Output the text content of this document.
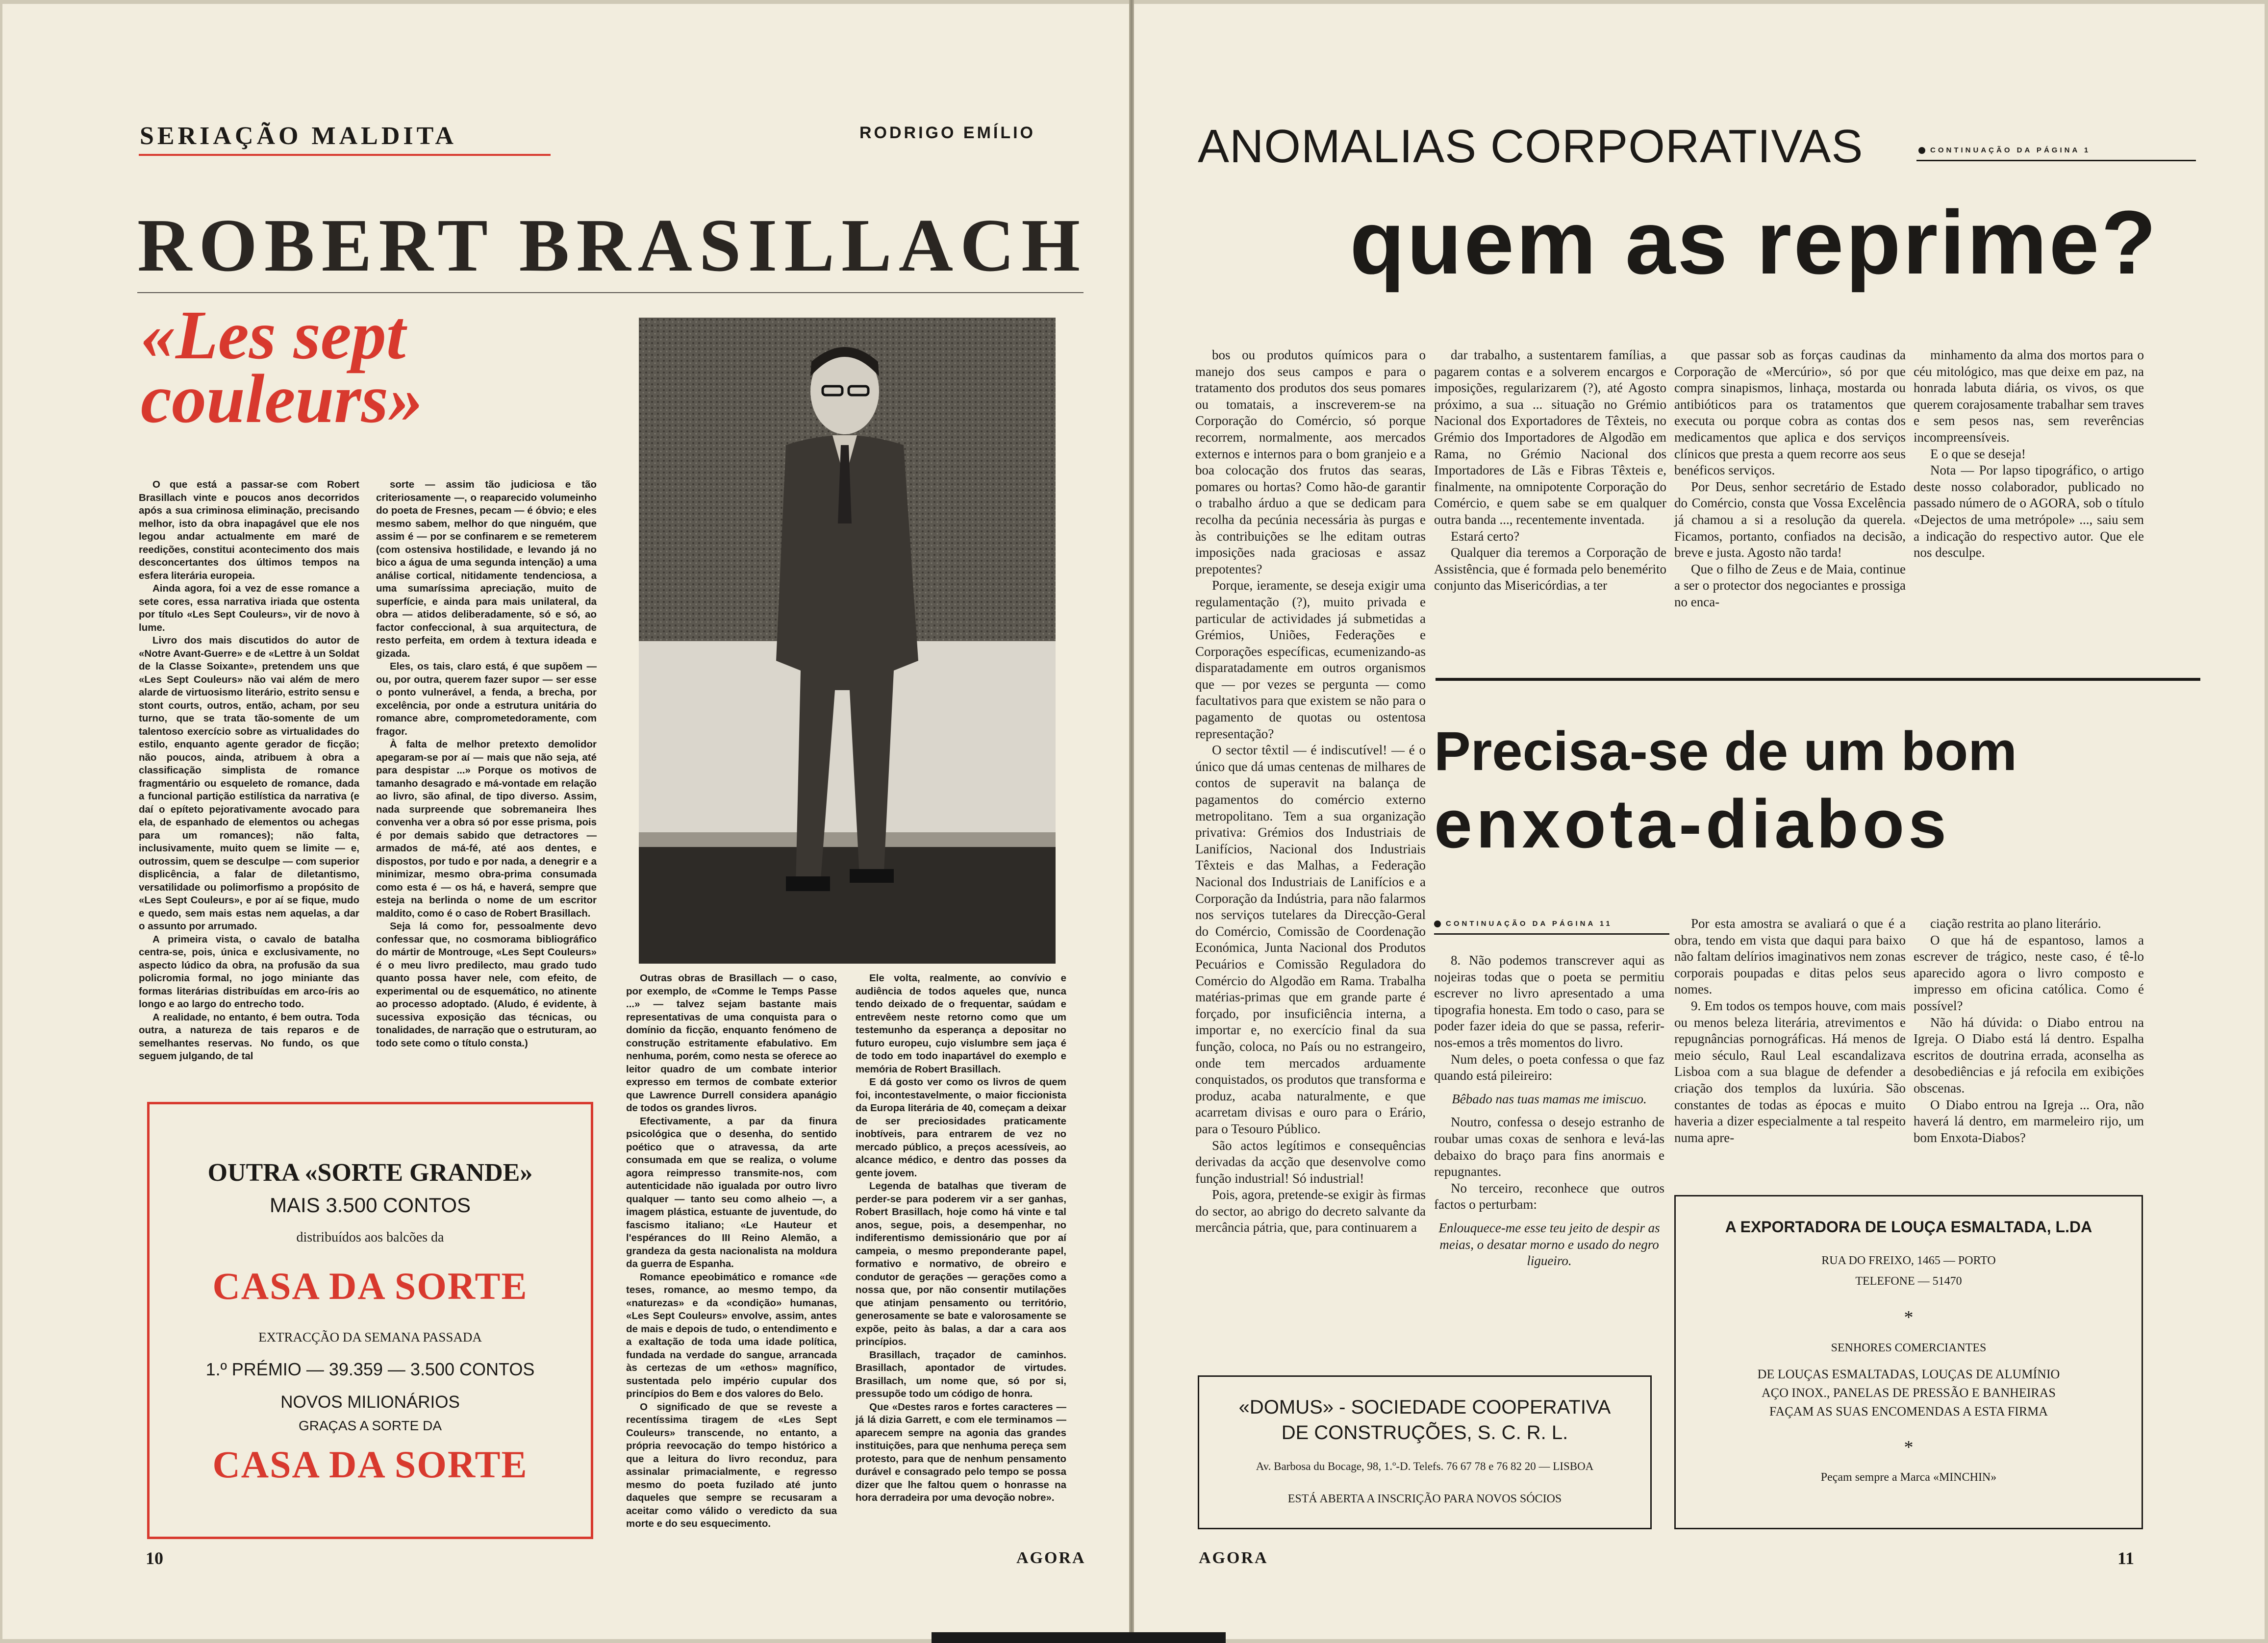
SERIAÇÃO MALDITA	RODRIGO EMÍLIO
ROBERT BRASILLACH
«Les sept couleurs»

O que está a passar-se com Robert Brasillach vinte e poucos anos decorridos após a sua criminosa eliminação, precisando melhor, isto da obra inapagável que ele nos legou andar actualmente em maré de reedições, constitui acontecimento dos mais desconcertantes dos últimos tempos na esfera literária europeia.

Ainda agora, foi a vez de esse romance a sete cores, essa narrativa iriada que ostenta por título «Les Sept Couleurs», vir de novo à lume.

Livro dos mais discutidos do autor de «Notre Avant-Guerre» e de «Lettre à un Soldat de la Classe Soixante», pretendem uns que «Les Sept Couleurs» não vai além de mero alarde de virtuosismo literário, estrito sensu e stont courts, outros, então, acham, por seu turno, que se trata tão-somente de um talentoso exercício sobre as virtualidades do estilo, enquanto agente gerador de ficção; não poucos, ainda, atribuem à obra a classificação simplista de romance fragmentário ou esqueleto de romance, dada a funcional partição estilística da narrativa (e daí o epíteto pejorativamente avocado para ela, de espanhado de elementos ou achegas para um romances); não falta, inclusivamente, muito quem se limite — e, outrossim, quem se desculpe — com superior displicência, a falar de diletantismo, versatilidade ou polimorfismo a propósito de «Les Sept Couleurs», e por aí se fique, mudo e quedo, sem mais estas nem aquelas, a dar o assunto por arrumado.

A primeira vista, o cavalo de batalha centra-se, pois, única e exclusivamente, no aspecto lúdico da obra, na profusão da sua policromia formal, no jogo miniante das formas literárias distribuídas em arco-íris ao longo e ao largo do entrecho todo.

A realidade, no entanto, é bem outra. Toda outra, a natureza de tais reparos e de semelhantes reservas. No fundo, os que seguem julgando, de tal

sorte — assim tão judiciosa e tão criteriosamente —, o reaparecido volumeinho do poeta de Fresnes, pecam — é óbvio; e eles mesmo sabem, melhor do que ninguém, que assim é — por se confinarem e se remeterem (com ostensiva hostilidade, e levando já no bico a água de uma segunda intenção) a uma análise cortical, nitidamente tendenciosa, a uma sumaríssima apreciação, muito de superfície, e ainda para mais unilateral, da obra — atidos deliberadamente, só e só, ao factor confeccional, à sua arquitectura, de resto perfeita, em ordem à textura ideada e gizada.

Eles, os tais, claro está, é que supõem — ou, por outra, querem fazer supor — ser esse o ponto vulnerável, a fenda, a brecha, por excelência, por onde a estrutura unitária do romance abre, comprometedoramente, com fragor.

À falta de melhor pretexto demolidor apegaram-se por aí — mais que não seja, até para despistar ...» Porque os motivos de tamanho desagrado e má-vontade em relação ao livro, são afinal, de tipo diverso. Assim, nada surpreende que sobremaneira lhes convenha ver a obra só por esse prisma, pois é por demais sabido que detractores — armados de má-fé, até aos dentes, e dispostos, por tudo e por nada, a denegrir e a minimizar, mesmo obra-prima consumada como esta é — os há, e haverá, sempre que esteja na berlinda o nome de um escritor maldito, como é o caso de Robert Brasillach.

Seja lá como for, pessoalmente devo confessar que, no cosmorama bibliográfico do mártir de Montrouge, «Les Sept Couleurs» é o meu livro predilecto, mau grado tudo quanto possa haver nele, com efeito, de experimental ou de esquemático, no atinente ao processo adoptado. (Aludo, é evidente, à sucessiva exposição das técnicas, ou tonalidades, de narração que o estruturam, ao todo sete como o título consta.)

Outras obras de Brasillach — o caso, por exemplo, de «Comme le Temps Passe ...» — talvez sejam bastante mais representativas de uma conquista para o domínio da ficção, enquanto fenómeno de construção estritamente efabulativo. Em nenhuma, porém, como nesta se oferece ao leitor quadro de um combate interior expresso em termos de combate exterior que Lawrence Durrell considera apanágio de todos os grandes livros.

Efectivamente, a par da finura psicológica que o desenha, do sentido poético que o atravessa, da arte consumada em que se realiza, o volume agora reimpresso transmite-nos, com autenticidade não igualada por outro livro qualquer — tanto seu como alheio —, a imagem plástica, estuante de juventude, do fascismo italiano; «Le Hauteur et l'espérances do III Reino Alemão, a grandeza da gesta nacionalista na moldura da guerra de Espanha.

Romance epeobimático e romance «de teses, romance, ao mesmo tempo, da «naturezas» e da «condição» humanas, «Les Sept Couleurs» envolve, assim, antes de mais e depois de tudo, o entendimento e a exaltação de toda uma idade política, fundada na verdade do sangue, arrancada às certezas de um «ethos» magnífico, sustentada pelo império cupular dos princípios do Bem e dos valores do Belo.

O significado de que se reveste a recentíssima tiragem de «Les Sept Couleurs» transcende, no entanto, a própria reevocação do tempo histórico a que a leitura do livro reconduz, para assinalar primacialmente, e regresso mesmo do poeta fuzilado até junto daqueles que sempre se recusaram a aceitar como válido o veredicto da sua morte e do seu esquecimento.

Ele volta, realmente, ao convívio e audiência de todos aqueles que, nunca tendo deixado de o frequentar, saúdam e entrevêem neste retorno como que um testemunho da esperança a depositar no futuro europeu, cujo vislumbre sem jaça é de todo em todo inapartável do exemplo e memória de Robert Brasillach.

E dá gosto ver como os livros de quem foi, incontestavelmente, o maior ficcionista da Europa literária de 40, começam a deixar de ser preciosidades praticamente inobtíveis, para entrarem de vez no mercado público, a preços acessíveis, ao alcance médico, e dentro das posses da gente jovem.

Legenda de batalhas que tiveram de perder-se para poderem vir a ser ganhas, Robert Brasillach, hoje como há vinte e tal anos, segue, pois, a desempenhar, no indiferentismo demissionário que por aí campeia, o mesmo preponderante papel, formativo e normativo, de obreiro e condutor de gerações — gerações como a nossa que, por não consentir mutilações que atinjam pensamento ou território, generosamente se bate e valorosamente se expõe, peito às balas, a dar a cara aos princípios.

Brasillach, traçador de caminhos. Brasillach, apontador de virtudes. Brasillach, um nome que, só por si, pressupõe todo um código de honra.

Que «Destes raros e fortes caracteres — já lá dizia Garrett, e com ele terminamos — aparecem sempre na agonia das grandes instituições, para que nenhuma pereça sem protesto, para que de nenhum pensamento durável e consagrado pelo tempo se possa dizer que lhe faltou quem o honrasse na hora derradeira por uma devoção nobre».

OUTRA «SORTE GRANDE»
MAIS 3.500 CONTOS
distribuídos aos balcões da
CASA DA SORTE
EXTRACÇÃO DA SEMANA PASSADA
1.º PRÉMIO — 39.359 — 3.500 CONTOS
NOVOS MILIONÁRIOS
GRAÇAS A SORTE DA
CASA DA SORTE
10	AGORA
ANOMALIAS CORPORATIVAS	CONTINUAÇÃO DA PÁGINA 1
quem as reprime?

bos ou produtos químicos para o manejo dos seus campos e para o tratamento dos produtos dos seus pomares ou tomatais, a inscreverem-se na Corporação do Comércio, só porque recorrem, normalmente, aos mercados externos e internos para o bom granjeio e a boa colocação dos frutos das searas, pomares ou hortas? Como hão-de garantir o trabalho árduo a que se dedicam para recolha da pecúnia necessária às purgas e às contribuições se lhe editam outras imposições nada graciosas e assaz prepotentes?

Porque, ieramente, se deseja exigir uma regulamentação (?), muito privada e particular de actividades já submetidas a Grémios, Uniões, Federações e Corporações específicas, ecumenizando-as disparatadamente em outros organismos que — por vezes se pergunta — como facultativos para que existem se não para o pagamento de quotas ou ostentosa representação?

O sector têxtil — é indiscutível! — é o único que dá umas centenas de milhares de contos de superavit na balança de pagamentos do comércio externo metropolitano. Tem a sua organização privativa: Grémios dos Industriais de Lanifícios, Nacional dos Industriais Têxteis e das Malhas, a Federação Nacional dos Industriais de Lanifícios e a Corporação da Indústria, para não falarmos nos serviços tutelares da Direcção-Geral do Comércio, Comissão de Coordenação Económica, Junta Nacional dos Produtos Pecuários e Comissão Reguladora do Comércio do Algodão em Rama. Trabalha matérias-primas que em grande parte é forçado, por insuficiência interna, a importar e, no exercício final da sua função, coloca, no País ou no estrangeiro, onde tem mercados arduamente conquistados, os produtos que transforma e produz, acaba naturalmente, e que acarretam divisas e ouro para o Erário, para o Tesouro Público.

São actos legítimos e consequências derivadas da acção que desenvolve como função industrial! Só industrial!

Pois, agora, pretende-se exigir às firmas do sector, ao abrigo do decreto salvante da mercância pátria, que, para continuarem a

dar trabalho, a sustentarem famílias, a pagarem contas e a solverem encargos e imposições, regularizarem (?), até Agosto próximo, a sua ... situação no Grémio Nacional dos Exportadores de Têxteis, no Grémio dos Importadores de Algodão em Rama, no Grémio Nacional dos Importadores de Lãs e Fibras Têxteis e, finalmente, na omnipotente Corporação do Comércio, e quem sabe se em qualquer outra banda ..., recentemente inventada.

Estará certo?

Qualquer dia teremos a Corporação de Assistência, que é formada pelo benemérito conjunto das Misericórdias, a ter

que passar sob as forças caudinas da Corporação de «Mercúrio», só por que compra sinapismos, linhaça, mostarda ou antibióticos para os tratamentos que executa ou porque cobra as contas dos medicamentos que aplica e dos serviços clínicos que presta a quem recorre aos seus benéficos serviços.

Por Deus, senhor secretário de Estado do Comércio, consta que Vossa Excelência já chamou a si a resolução da querela. Ficamos, portanto, confiados na decisão, breve e justa. Agosto não tarda!

Que o filho de Zeus e de Maia, continue a ser o protector dos negociantes e prossiga no enca-

minhamento da alma dos mortos para o céu mitológico, mas que deixe em paz, na honrada labuta diária, os vivos, os que querem corajosamente trabalhar sem traves e sem pesos nas, sem reverências incompreensíveis.

E o que se deseja!

Nota — Por lapso tipográfico, o artigo deste nosso colaborador, publicado no passado número de o AGORA, sob o título «Dejectos de uma metrópole» ..., saiu sem a indicação do respectivo autor. Que ele nos desculpe.

Precisa-se de um bom
enxota-diabos
CONTINUAÇÃO DA PÁGINA 11

8. Não podemos transcrever aqui as nojeiras todas que o poeta se permitiu escrever no livro apresentado a uma tipografia honesta. Em todo o caso, para se poder fazer ideia do que se passa, referir-nos-emos a três momentos do livro.

Num deles, o poeta confessa o que faz quando está pileireiro:

Bêbado nas tuas mamas me imiscuo.

Noutro, confessa o desejo estranho de roubar umas coxas de senhora e levá-las debaixo do braço para fins anormais e repugnantes.

No terceiro, reconhece que outros factos o perturbam:

Enlouquece-me esse teu jeito de despir as meias, o desatar morno e usado do negro ligueiro.

Por esta amostra se avaliará o que é a obra, tendo em vista que daqui para baixo não faltam delírios imaginativos nem zonas corporais poupadas e ditas pelos seus nomes.

9. Em todos os tempos houve, com mais ou menos beleza literária, atrevimentos e repugnâncias pornográficas. Há menos de meio século, Raul Leal escandalizava Lisboa com a sua blague de defender a criação dos templos da luxúria. São constantes de todas as épocas e muito haveria a dizer especialmente a tal respeito numa apre-

ciação restrita ao plano literário.

O que há de espantoso, lamos a escrever de trágico, neste caso, é tê-lo aparecido agora o livro composto e impresso em oficina católica. Como é possível?

Não há dúvida: o Diabo entrou na Igreja. O Diabo está lá dentro. Espalha escritos de doutrina errada, aconselha as desobediências e já refocila em exibições obscenas.

O Diabo entrou na Igreja ... Ora, não haverá lá dentro, em marmeleiro rijo, um bom Enxota-Diabos?

«DOMUS» - SOCIEDADE COOPERATIVA
DE CONSTRUÇÕES, S. C. R. L.
Av. Barbosa du Bocage, 98, 1.º-D. Telefs. 76 67 78 e 76 82 20 — LISBOA
ESTÁ ABERTA A INSCRIÇÃO PARA NOVOS SÓCIOS
A EXPORTADORA DE LOUÇA ESMALTADA, L.DA
RUA DO FREIXO, 1465 — PORTO
TELEFONE — 51470
*
SENHORES COMERCIANTES
DE LOUÇAS ESMALTADAS, LOUÇAS DE ALUMÍNIO
AÇO INOX., PANELAS DE PRESSÃO E BANHEIRAS
FAÇAM AS SUAS ENCOMENDAS A ESTA FIRMA
*
Peçam sempre a Marca «MINCHIN»
AGORA	11
